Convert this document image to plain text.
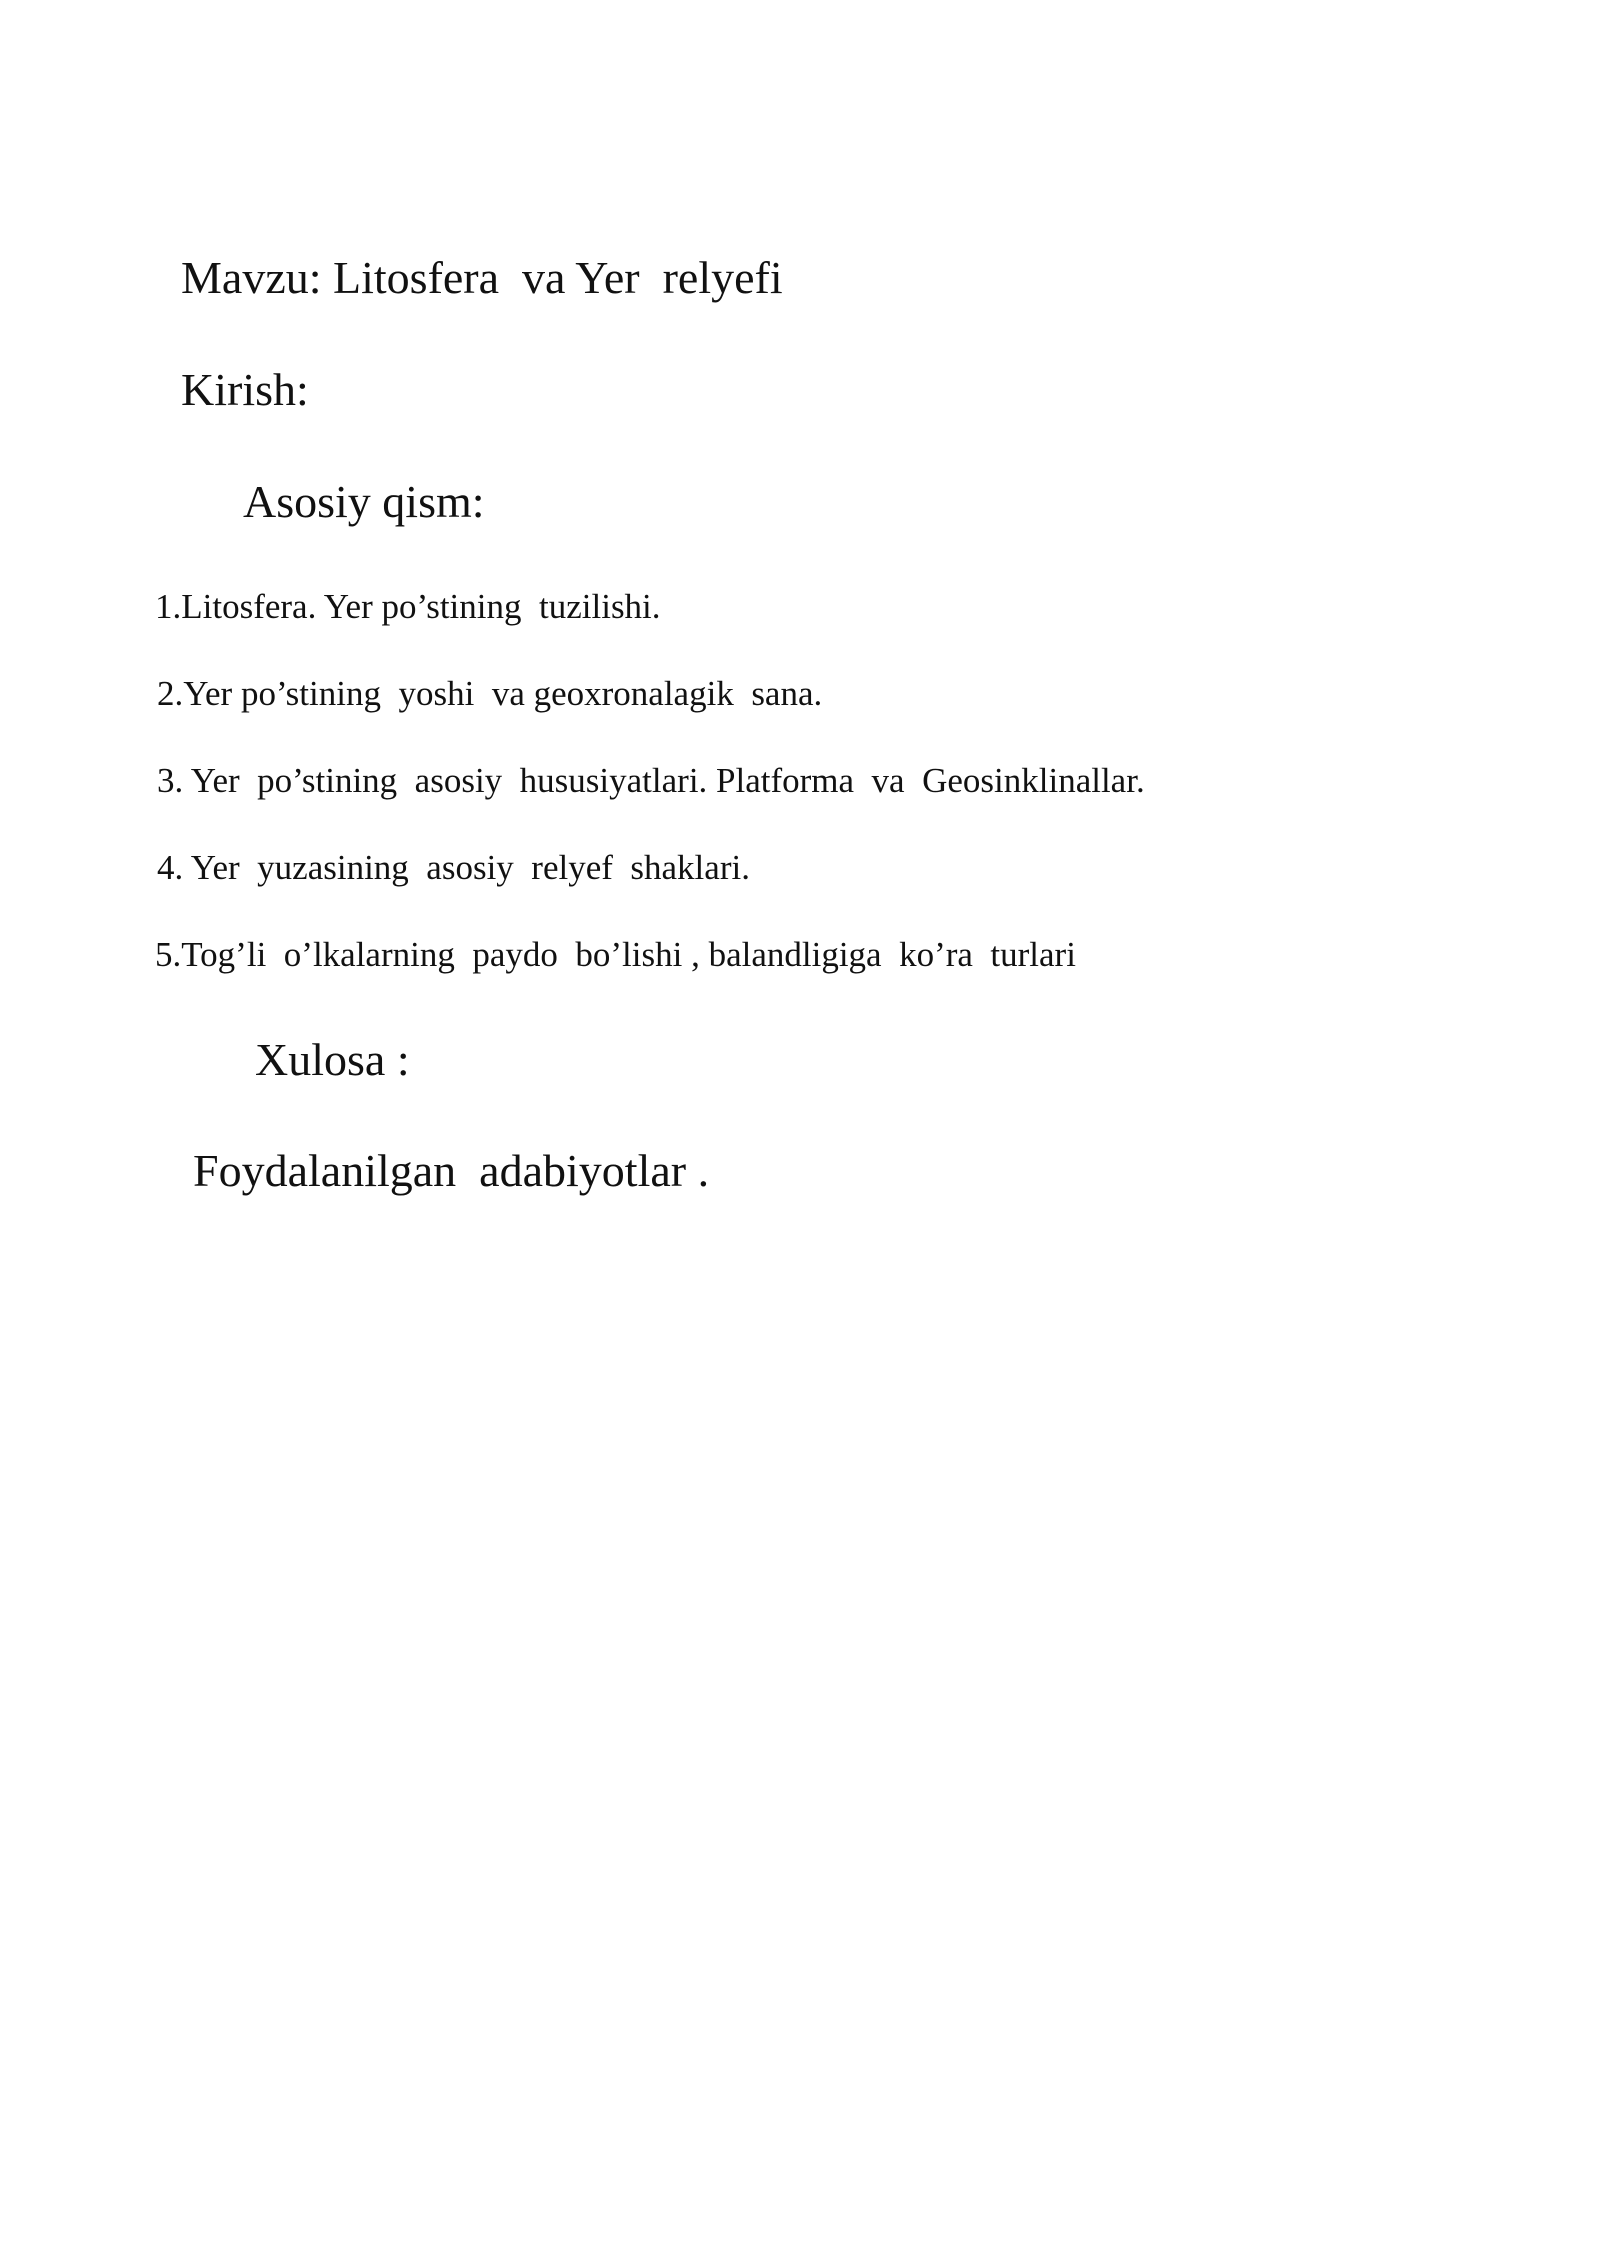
Mavzu: Litosfera  va Yer  relyefi
Kirish:
Asosiy qism:
1.Litosfera. Yer po’stining  tuzilishi.
2.Yer po’stining  yoshi  va geoxronalagik  sana.
3. Yer  po’stining  asosiy  hususiyatlari. Platforma  va  Geosinklinallar.
4. Yer  yuzasining  asosiy  relyef  shaklari.
5.Tog’li  o’lkalarning  paydo  bo’lishi , balandligiga  ko’ra  turlari
Xulosa :
Foydalanilgan  adabiyotlar .
